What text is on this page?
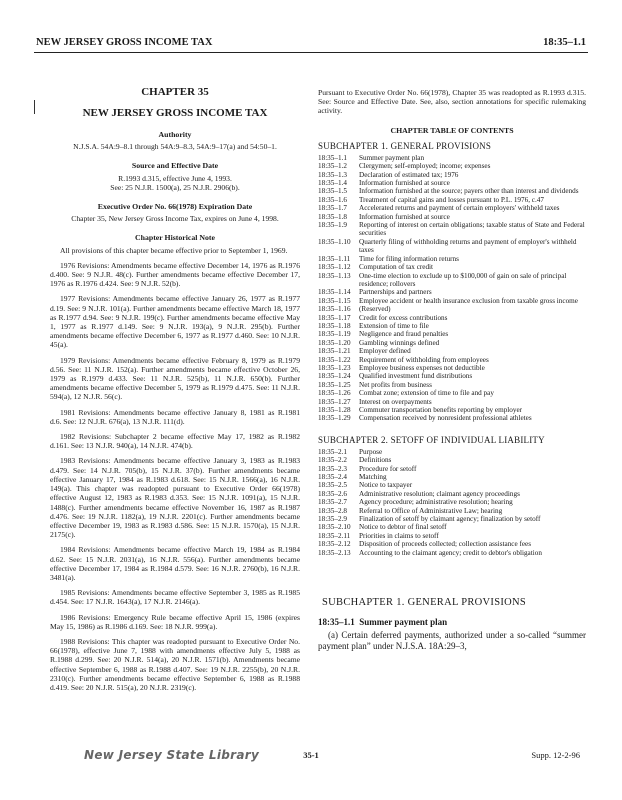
NEW JERSEY GROSS INCOME TAX	18:35–1.1
CHAPTER 35
NEW JERSEY GROSS INCOME TAX
Authority
N.J.S.A. 54A:9–8.1 through 54A:9–8.3, 54A:9–17(a) and 54:50–1.
Source and Effective Date
R.1993 d.315, effective June 4, 1993.
See: 25 N.J.R. 1500(a), 25 N.J.R. 2906(b).
Executive Order No. 66(1978) Expiration Date
Chapter 35, New Jersey Gross Income Tax, expires on June 4, 1998.
Chapter Historical Note

All provisions of this chapter became effective prior to September 1, 1969.

1976 Revisions: Amendments became effective December 14, 1976 as R.1976 d.400. See: 9 N.J.R. 48(c). Further amendments became effective December 17, 1976 as R.1976 d.424. See: 9 N.J.R. 52(b).

1977 Revisions: Amendments became effective January 26, 1977 as R.1977 d.19. See: 9 N.J.R. 101(a). Further amendments became effective March 18, 1977 as R.1977 d.94. See: 9 N.J.R. 199(c). Further amendments became effective May 1, 1977 as R.1977 d.149. See: 9 N.J.R. 193(a), 9 N.J.R. 295(b). Further amendments became effective December 6, 1977 as R.1977 d.460. See: 10 N.J.R. 45(a).

1979 Revisions: Amendments became effective February 8, 1979 as R.1979 d.56. See: 11 N.J.R. 152(a). Further amendments became effective October 26, 1979 as R.1979 d.433. See: 11 N.J.R. 525(b), 11 N.J.R. 650(b). Further amendments became effective December 5, 1979 as R.1979 d.475. See: 11 N.J.R. 594(a), 12 N.J.R. 56(c).

1981 Revisions: Amendments became effective January 8, 1981 as R.1981 d.6. See: 12 N.J.R. 676(a), 13 N.J.R. 111(d).

1982 Revisions: Subchapter 2 became effective May 17, 1982 as R.1982 d.161. See: 13 N.J.R. 940(a), 14 N.J.R. 474(b).

1983 Revisions: Amendments became effective January 3, 1983 as R.1983 d.479. See: 14 N.J.R. 705(b), 15 N.J.R. 37(b). Further amendments became effective January 17, 1984 as R.1983 d.618. See: 15 N.J.R. 1566(a), 16 N.J.R. 149(a). This chapter was readopted pursuant to Executive Order 66(1978) effective August 12, 1983 as R.1983 d.353. See: 15 N.J.R. 1091(a), 15 N.J.R. 1488(c). Further amendments became effective November 16, 1987 as R.1987 d.476. See: 19 N.J.R. 1182(a), 19 N.J.R. 2201(c). Further amendments became effective December 19, 1983 as R.1983 d.586. See: 15 N.J.R. 1570(a), 15 N.J.R. 2175(c).

1984 Revisions: Amendments became effective March 19, 1984 as R.1984 d.62. See: 15 N.J.R. 2031(a), 16 N.J.R. 556(a). Further amendments became effective December 17, 1984 as R.1984 d.579. See: 16 N.J.R. 2760(b), 16 N.J.R. 3481(a).

1985 Revisions: Amendments became effective September 3, 1985 as R.1985 d.454. See: 17 N.J.R. 1643(a), 17 N.J.R. 2146(a).

1986 Revisions: Emergency Rule became effective April 15, 1986 (expires May 15, 1986) as R.1986 d.169. See: 18 N.J.R. 999(a).

1988 Revisions: This chapter was readopted pursuant to Executive Order No. 66(1978), effective June 7, 1988 with amendments effective July 5, 1988 as R.1988 d.299. See: 20 N.J.R. 514(a), 20 N.J.R. 1571(b). Amendments became effective September 6, 1988 as R.1988 d.407. See: 19 N.J.R. 2255(b), 20 N.J.R. 2310(c). Further amendments became effective September 6, 1988 as R.1988 d.419. See: 20 N.J.R. 515(a), 20 N.J.R. 2319(c).

Pursuant to Executive Order No. 66(1978), Chapter 35 was readopted as R.1993 d.315. See: Source and Effective Date. See, also, section annotations for specific rulemaking activity.

CHAPTER TABLE OF CONTENTS
SUBCHAPTER 1. GENERAL PROVISIONS
18:35–1.1	Summer payment plan
18:35–1.2	Clergymen; self-employed; income; expenses
18:35–1.3	Declaration of estimated tax; 1976
18:35–1.4	Information furnished at source
18:35–1.5	Information furnished at the source; payers other than interest and dividends
18:35–1.6	Treatment of capital gains and losses pursuant to P.L. 1976, c.47
18:35–1.7	Accelerated returns and payment of certain employers' withheld taxes
18:35–1.8	Information furnished at source
18:35–1.9	Reporting of interest on certain obligations; taxable status of State and Federal securities
18:35–1.10	Quarterly filing of withholding returns and payment of employer's withheld taxes
18:35–1.11	Time for filing information returns
18:35–1.12	Computation of tax credit
18:35–1.13	One-time election to exclude up to $100,000 of gain on sale of principal residence; rollovers
18:35–1.14	Partnerships and partners
18:35–1.15	Employee accident or health insurance exclusion from taxable gross income
18:35–1.16	(Reserved)
18:35–1.17	Credit for excess contributions
18:35–1.18	Extension of time to file
18:35–1.19	Negligence and fraud penalties
18:35–1.20	Gambling winnings defined
18:35–1.21	Employer defined
18:35–1.22	Requirement of withholding from employees
18:35–1.23	Employee business expenses not deductible
18:35–1.24	Qualified investment fund distributions
18:35–1.25	Net profits from business
18:35–1.26	Combat zone; extension of time to file and pay
18:35–1.27	Interest on overpayments
18:35–1.28	Commuter transportation benefits reporting by employer
18:35–1.29	Compensation received by nonresident professional athletes
SUBCHAPTER 2. SETOFF OF INDIVIDUAL LIABILITY
18:35–2.1	Purpose
18:35–2.2	Definitions
18:35–2.3	Procedure for setoff
18:35–2.4	Matching
18:35–2.5	Notice to taxpayer
18:35–2.6	Administrative resolution; claimant agency proceedings
18:35–2.7	Agency procedure; administrative resolution; hearing
18:35–2.8	Referral to Office of Administrative Law; hearing
18:35–2.9	Finalization of setoff by claimant agency; finalization by setoff
18:35–2.10	Notice to debtor of final setoff
18:35–2.11	Priorities in claims to setoff
18:35–2.12	Disposition of proceeds collected; collection assistance fees
18:35–2.13	Accounting to the claimant agency; credit to debtor's obligation
SUBCHAPTER 1. GENERAL PROVISIONS
18:35–1.1 Summer payment plan

(a) Certain deferred payments, authorized under a so-called “summer payment plan” under N.J.S.A. 18A:29–3,

New Jersey State Library	35-1	Supp. 12-2-96
